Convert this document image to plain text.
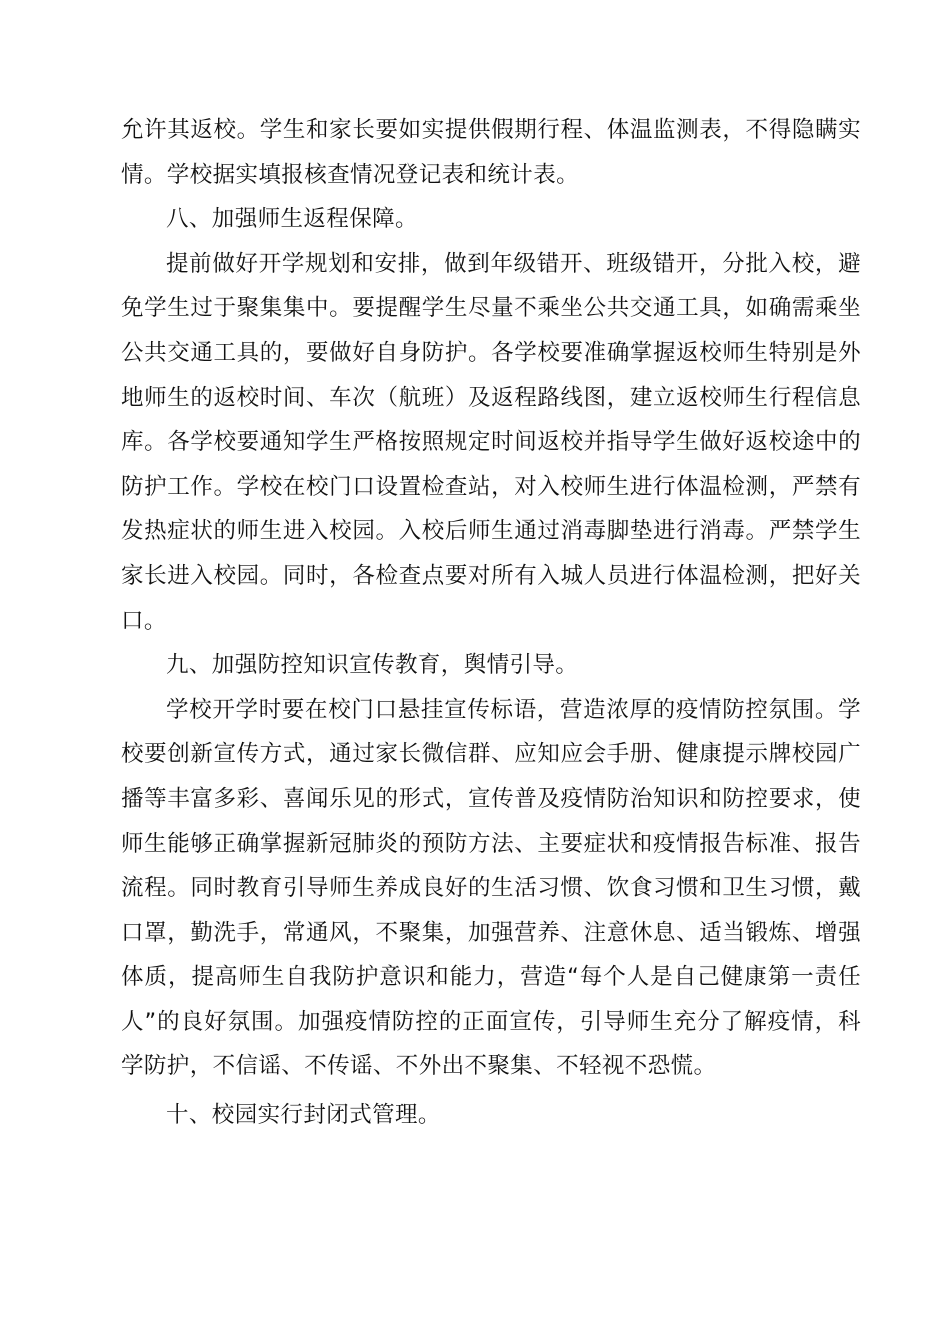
允许其返校。学生和家长要如实提供假期行程、体温监测表，不得隐瞒实情。学校据实填报核查情况登记表和统计表。

八、加强师生返程保障。

提前做好开学规划和安排，做到年级错开、班级错开，分批入校，避免学生过于聚集集中。要提醒学生尽量不乘坐公共交通工具，如确需乘坐公共交通工具的，要做好自身防护。各学校要准确掌握返校师生特别是外地师生的返校时间、车次（航班）及返程路线图，建立返校师生行程信息库。各学校要通知学生严格按照规定时间返校并指导学生做好返校途中的防护工作。学校在校门口设置检查站，对入校师生进行体温检测，严禁有发热症状的师生进入校园。入校后师生通过消毒脚垫进行消毒。严禁学生家长进入校园。同时，各检查点要对所有入城人员进行体温检测，把好关口。

九、加强防控知识宣传教育，舆情引导。

学校开学时要在校门口悬挂宣传标语，营造浓厚的疫情防控氛围。学校要创新宣传方式，通过家长微信群、应知应会手册、健康提示牌校园广播等丰富多彩、喜闻乐见的形式，宣传普及疫情防治知识和防控要求，使师生能够正确掌握新冠肺炎的预防方法、主要症状和疫情报告标准、报告流程。同时教育引导师生养成良好的生活习惯、饮食习惯和卫生习惯，戴口罩，勤洗手，常通风，不聚集，加强营养、注意休息、适当锻炼、增强体质，提高师生自我防护意识和能力，营造“每个人是自己健康第一责任人”的良好氛围。加强疫情防控的正面宣传，引导师生充分了解疫情，科学防护，不信谣、不传谣、不外出不聚集、不轻视不恐慌。

十、校园实行封闭式管理。
